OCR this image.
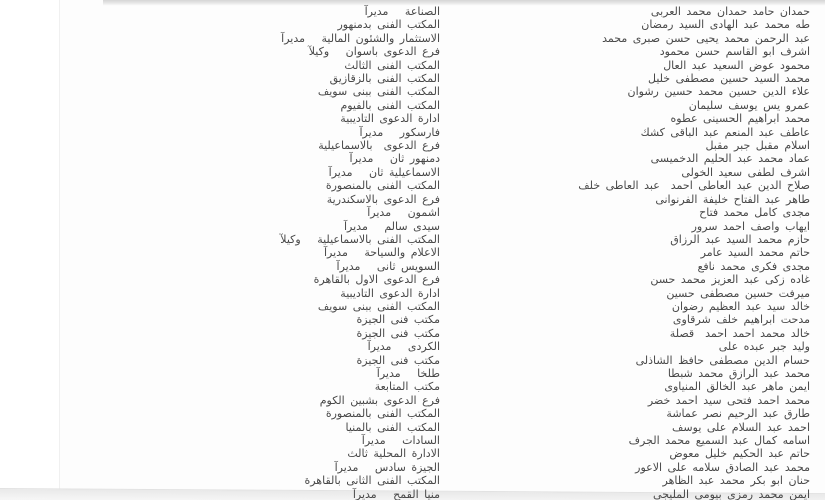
الصناعة   مديرآ	حمدان حامد حمدان محمد العربى
المكتب الفنى بدمنهور	طه محمد عبد الهادى السيد رمضان
الاستثمار والشئون المالية   مديرآ	عبد الرحمن محمد يحيى حسن صبرى محمد
فرع الدعوى باسوان   وكيلآ	اشرف ابو القاسم حسن محمود
المكتب الفنى الثالث	محمود عوض السعيد عبد العال
المكتب الفنى بالزقازيق	محمد السيد حسين مصطفى خليل
المكتب الفنى ببنى سويف	علاء الدين حسين محمد حسين رشوان
المكتب الفنى بالفيوم	عمرو يس يوسف سليمان
ادارة الدعوى التاديبية	محمد ابراهيم الحسينى عطوه
فارسكور   مديرآ	عاطف عبد المنعم عبد الباقى كشك
فرع الدعوى  بالاسماعيلية	اسلام مقبل جبر مقبل
دمنهور ثان   مديرآ	عماد محمد عبد الحليم الدخميسى
الاسماعيلية ثان   مديرآ	اشرف لطفى سعيد الخولى
المكتب الفنى بالمنصورة	صلاح الدين عبد العاطى احمد  عبد العاطى خلف
فرع الدعوى بالاسكندرية	طاهر عبد الفتاح خليفة الفرنوانى
اشمون   مديرآ	مجدى كامل محمد فتاح
سيدى سالم   مديرآ	ايهاب واصف احمد سرور
المكتب الفنى بالاسماعيلية   وكيلآ	حازم محمد السيد عبد الرزاق
الاعلام والسياحة   مديرآ	حاتم محمد السيد عامر
السويس ثانى   مديرآ	مجدى فكرى محمد نافع
فرع الدعوى الاول بالقاهرة	غاده زكى عبد العزيز محمد حسن
ادارة الدعوى التاديبية	ميرفت حسين مصطفى حسين
المكتب الفنى ببنى سويف	خالد سيد عبد العظيم رضوان
مكتب فنى الجيزة	مدحت ابراهيم خلف شرقاوى
مكتب فنى الجيزة	خالد محمد احمد احمد  قصلة
الكردى   مديرآ	وليد جبر عبده على
مكتب فنى الجيزة	حسام الدين مصطفى حافظ الشاذلى
طلخا   مديرآ	محمد عبد الرازق محمد شبطا
مكتب المتابعة	ايمن ماهر عبد الخالق المنياوى
فرع الدعوى بشبين الكوم	محمد احمد فتحى سيد احمد خضر
المكتب الفنى بالمنصورة	طارق عبد الرحيم نصر عماشة
المكتب الفنى بالمنيا	احمد عبد السلام على يوسف
السادات   مديرآ	اسامه كمال عبد السميع محمد الجرف
الادارة المحلية ثالث	حاتم عبد الحكيم خليل معوض
الجيزة سادس   مديرآ	محمد عبد الصادق سلامه على الاعور
المكتب الفنى الثانى بالقاهرة	حنان ابو بكر محمد عبد الظاهر
منيا القمح   مديرآ	ايمن محمد رمزى بيومى المليجى
